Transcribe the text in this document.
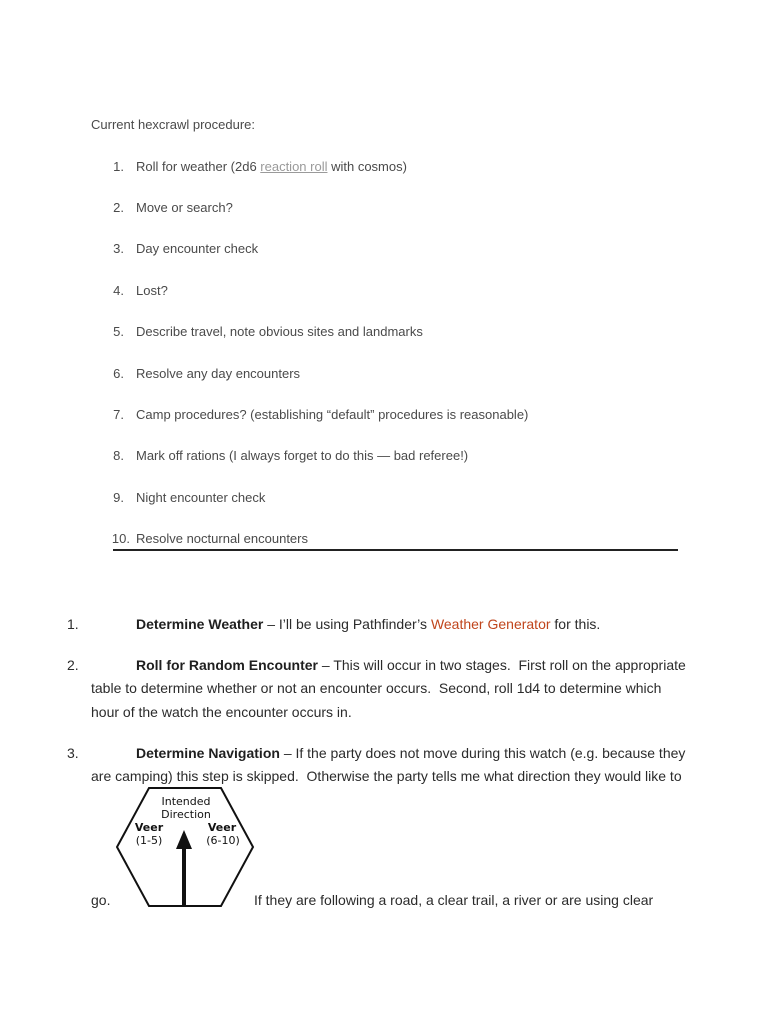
Current hexcrawl procedure:
1. Roll for weather (2d6 reaction roll with cosmos)
2. Move or search?
3. Day encounter check
4. Lost?
5. Describe travel, note obvious sites and landmarks
6. Resolve any day encounters
7. Camp procedures? (establishing “default” procedures is reasonable)
8. Mark off rations (I always forget to do this — bad referee!)
9. Night encounter check
10. Resolve nocturnal encounters
1.	Determine Weather – I’ll be using Pathfinder’s Weather Generator for this.
2.	Roll for Random Encounter – This will occur in two stages.  First roll on the appropriate
table to determine whether or not an encounter occurs.  Second, roll 1d4 to determine which
hour of the watch the encounter occurs in.
3.	Determine Navigation – If the party does not move during this watch (e.g. because they
are camping) this step is skipped.  Otherwise the party tells me what direction they would like to
Intended
Direction
Veer
(1-5)
Veer
(6-10)
go.	If they are following a road, a clear trail, a river or are using clear
